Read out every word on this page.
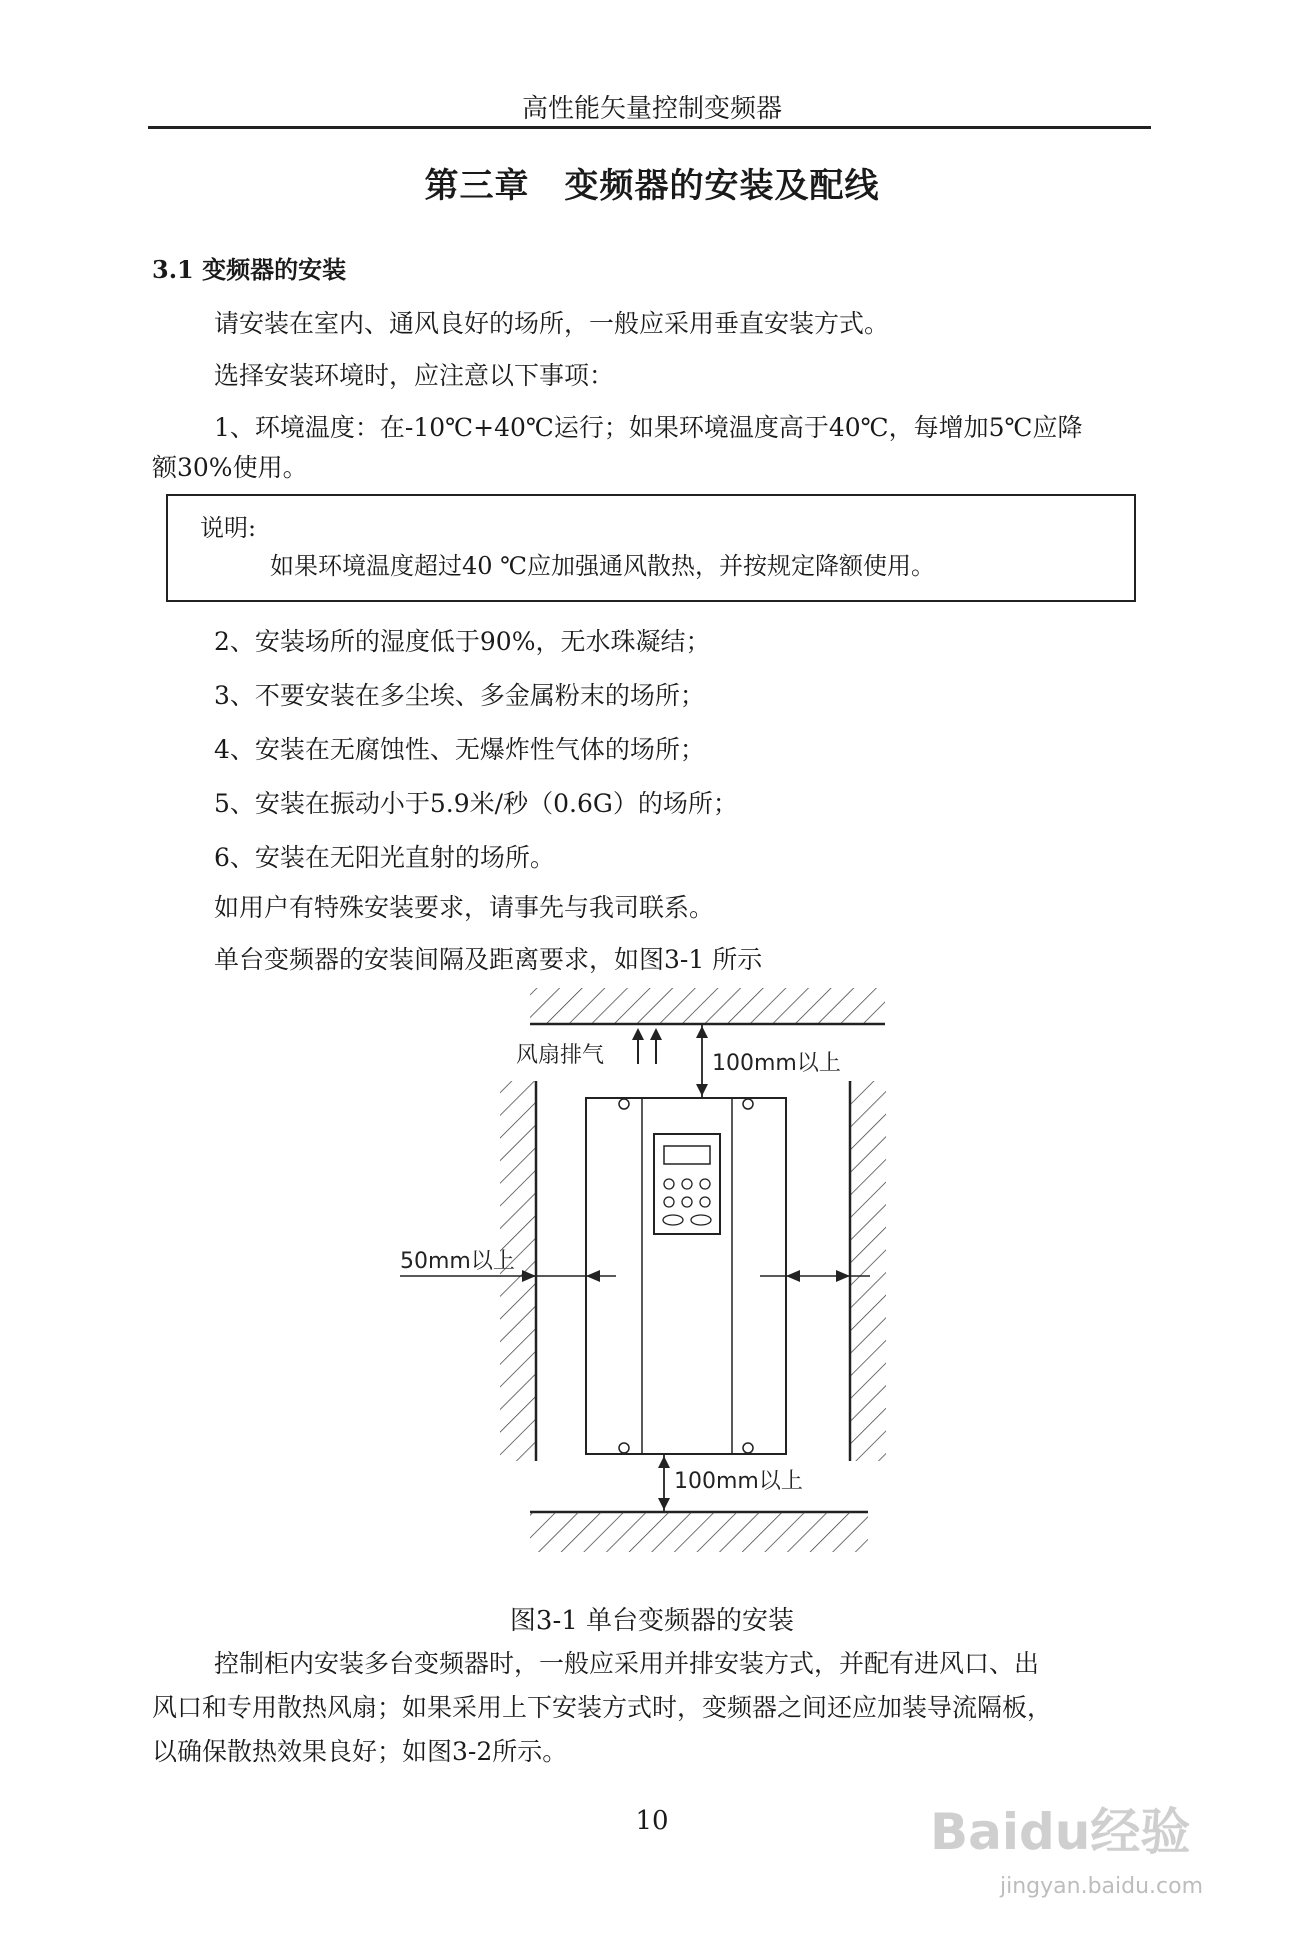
高性能矢量控制变频器
第三章　变频器的安装及配线
3.1 变频器的安装
请安装在室内、通风良好的场所，一般应采用垂直安装方式。
选择安装环境时，应注意以下事项：
1、环境温度：在-10℃+40℃运行；如果环境温度高于40℃，每增加5℃应降
额30%使用。
说明:
如果环境温度超过40 ℃应加强通风散热，并按规定降额使用。
2、安装场所的湿度低于90%，无水珠凝结；
3、不要安装在多尘埃、多金属粉末的场所；
4、安装在无腐蚀性、无爆炸性气体的场所；
5、安装在振动小于5.9米/秒（0.6G）的场所；
6、安装在无阳光直射的场所。
如用户有特殊安装要求，请事先与我司联系。
单台变频器的安装间隔及距离要求，如图3-1 所示
风扇排气	100mm以上
50mm以上
100mm以上
图3-1 单台变频器的安装
控制柜内安装多台变频器时，一般应采用并排安装方式，并配有进风口、出
风口和专用散热风扇；如果采用上下安装方式时，变频器之间还应加装导流隔板，
以确保散热效果良好；如图3-2所示。
10	Baidu经验
jingyan.baidu.com
